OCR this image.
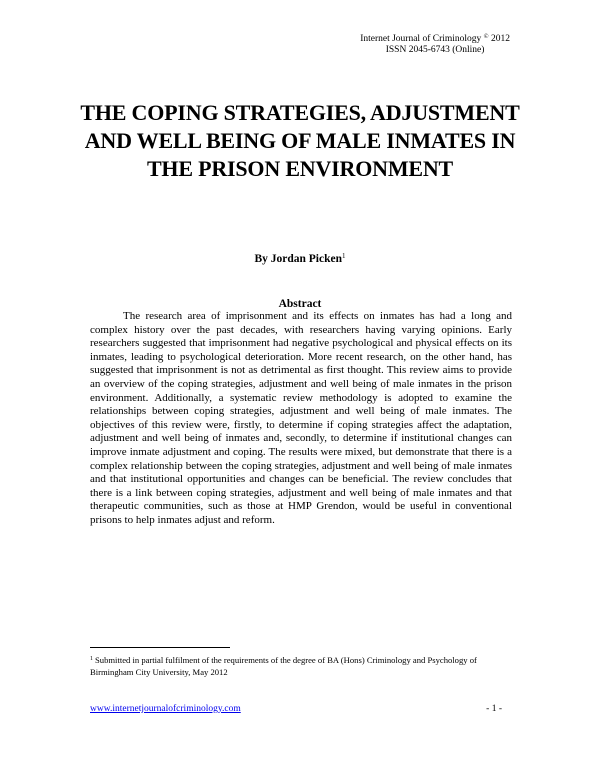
Internet Journal of Criminology © 2012
ISSN 2045-6743 (Online)
THE COPING STRATEGIES, ADJUSTMENT AND WELL BEING OF MALE INMATES IN THE PRISON ENVIRONMENT
By Jordan Picken$^1$
Abstract

The research area of imprisonment and its effects on inmates has had a long and complex history over the past decades, with researchers having varying opinions. Early researchers suggested that imprisonment had negative psychological and physical effects on its inmates, leading to psychological deterioration. More recent research, on the other hand, has suggested that imprisonment is not as detrimental as first thought. This review aims to provide an overview of the coping strategies, adjustment and well being of male inmates in the prison environment. Additionally, a systematic review methodology is adopted to examine the relationships between coping strategies, adjustment and well being of male inmates. The objectives of this review were, firstly, to determine if coping strategies affect the adaptation, adjustment and well being of inmates and, secondly, to determine if institutional changes can improve inmate adjustment and coping. The results were mixed, but demonstrate that there is a complex relationship between the coping strategies, adjustment and well being of male inmates and that institutional opportunities and changes can be beneficial. The review concludes that there is a link between coping strategies, adjustment and well being of male inmates and that therapeutic communities, such as those at HMP Grendon, would be useful in conventional prisons to help inmates adjust and reform.

$^1$ Submitted in partial fulfilment of the requirements of the degree of BA (Hons) Criminology and Psychology of Birmingham City University, May 2012

www.internetjournalofcriminology.com	- 1 -
